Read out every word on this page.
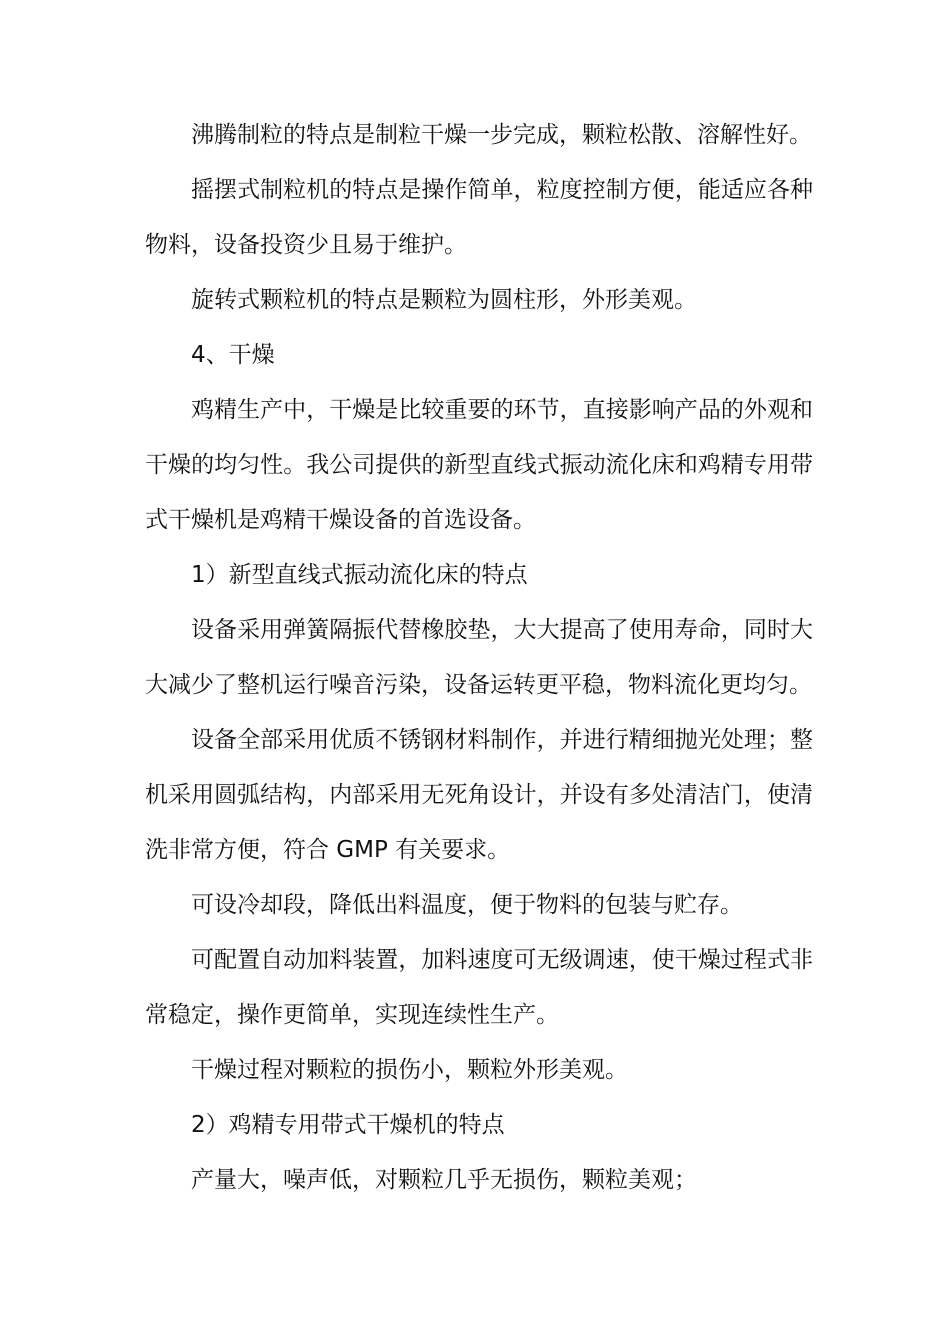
沸腾制粒的特点是制粒干燥一步完成，颗粒松散、溶解性好。

摇摆式制粒机的特点是操作简单，粒度控制方便，能适应各种物料，设备投资少且易于维护。

旋转式颗粒机的特点是颗粒为圆柱形，外形美观。

4、干燥

鸡精生产中，干燥是比较重要的环节，直接影响产品的外观和干燥的均匀性。我公司提供的新型直线式振动流化床和鸡精专用带式干燥机是鸡精干燥设备的首选设备。

1）新型直线式振动流化床的特点

设备采用弹簧隔振代替橡胶垫，大大提高了使用寿命，同时大大减少了整机运行噪音污染，设备运转更平稳，物料流化更均匀。

设备全部采用优质不锈钢材料制作，并进行精细抛光处理；整机采用圆弧结构，内部采用无死角设计，并设有多处清洁门，使清洗非常方便，符合 GMP 有关要求。

可设冷却段，降低出料温度，便于物料的包装与贮存。

可配置自动加料装置，加料速度可无级调速，使干燥过程式非常稳定，操作更简单，实现连续性生产。

干燥过程对颗粒的损伤小，颗粒外形美观。

2）鸡精专用带式干燥机的特点

产量大，噪声低，对颗粒几乎无损伤，颗粒美观；
